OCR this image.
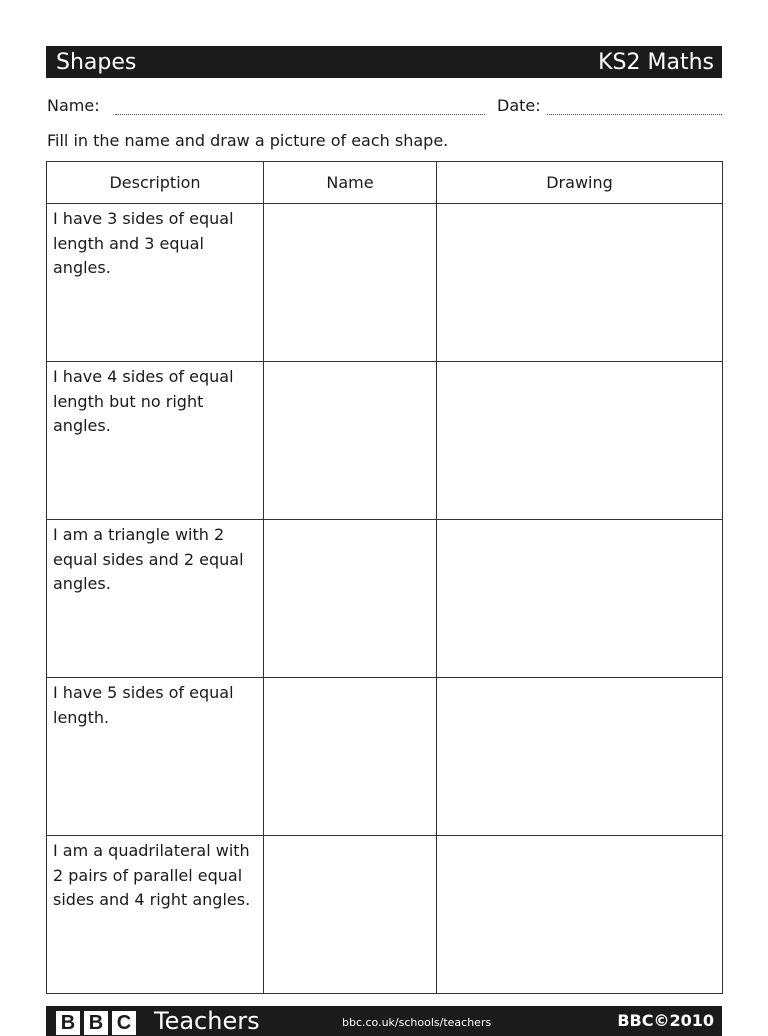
Shapes	KS2 Maths
Name:	Date:
Fill in the name and draw a picture of each shape.
Description	Name	Drawing

I have 3 sides of equal length and 3 equal angles.		

I have 4 sides of equal length but no right angles.		

I am a triangle with 2 equal sides and 2 equal angles.		

I have 5 sides of equal length.		

I am a quadrilateral with 2 pairs of parallel equal sides and 4 right angles.		

B B C Teachers	bbc.co.uk/schools/teachers	BBC©2010
